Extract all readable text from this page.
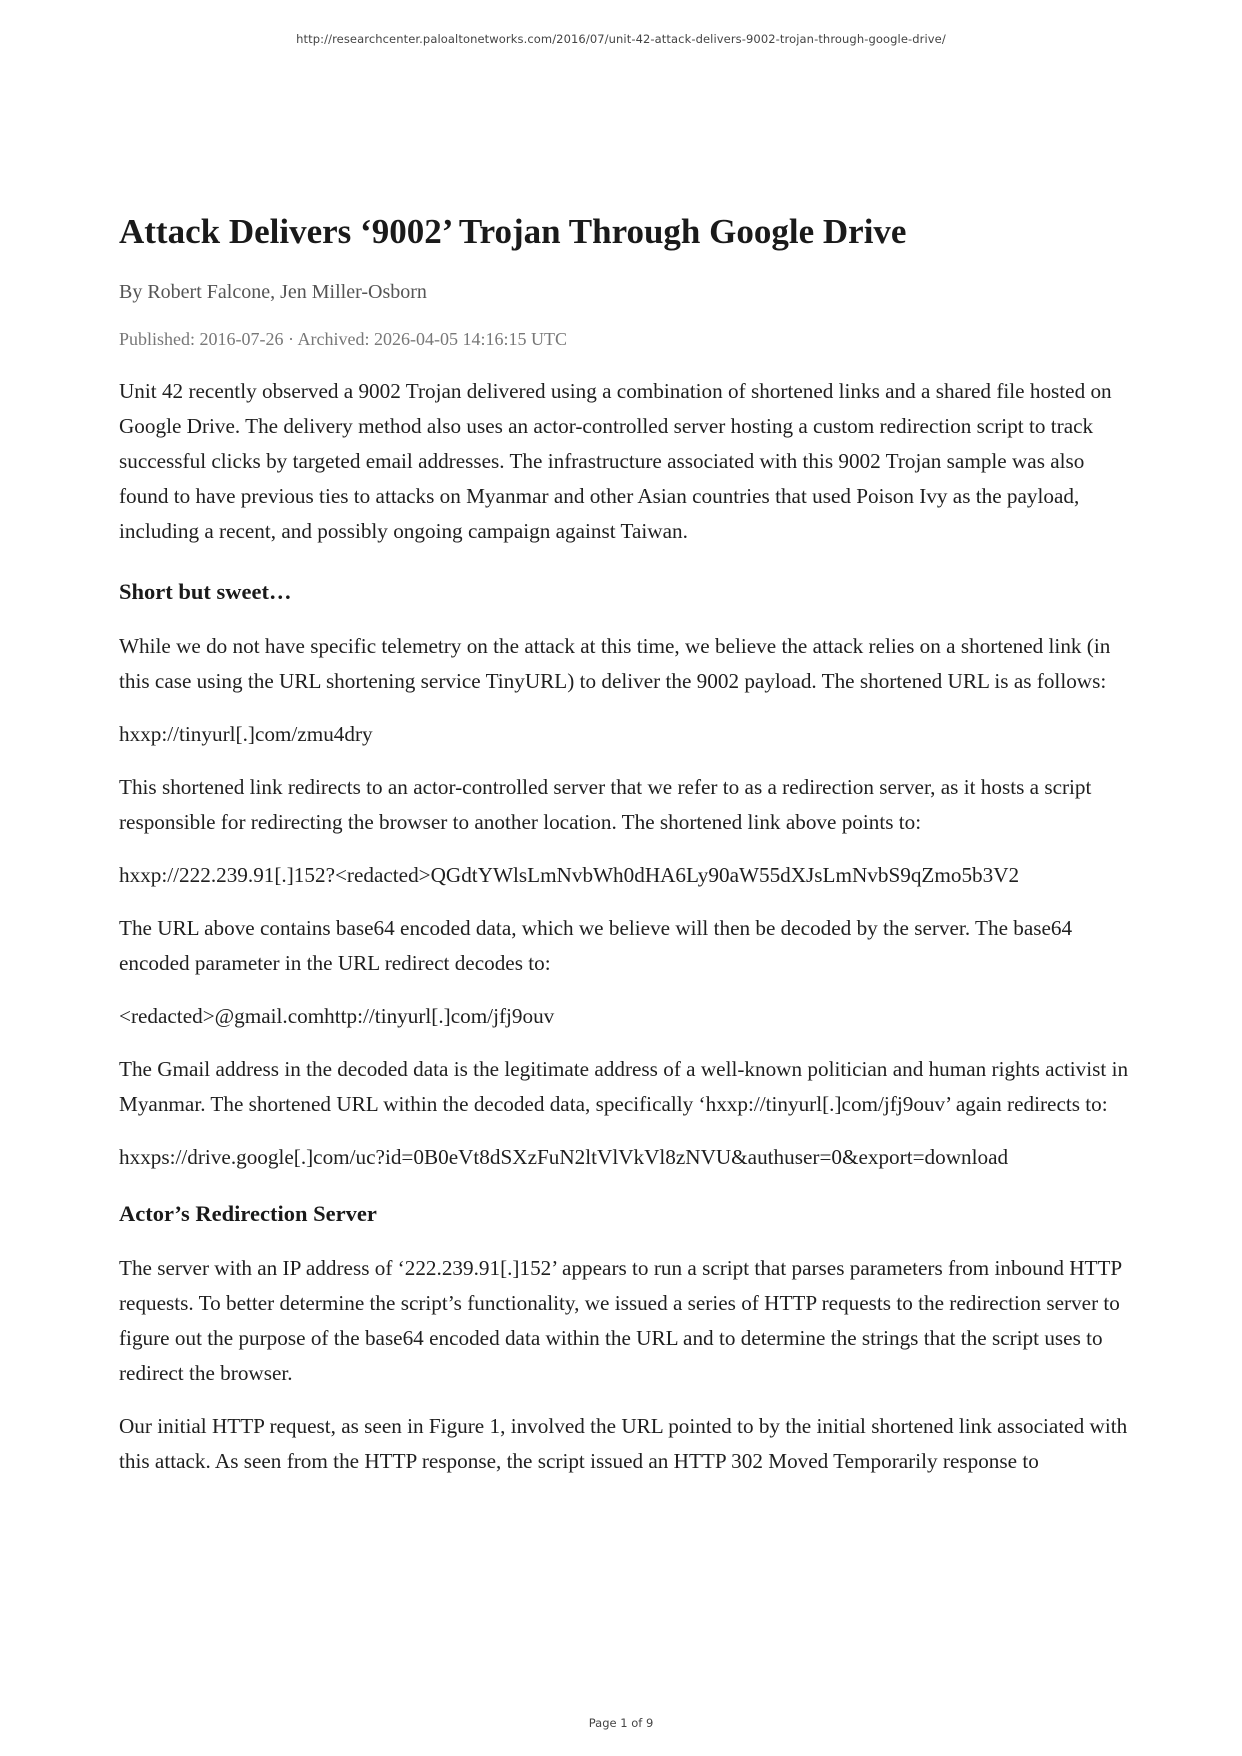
http://researchcenter.paloaltonetworks.com/2016/07/unit-42-attack-delivers-9002-trojan-through-google-drive/
Attack Delivers ‘9002’ Trojan Through Google Drive

By Robert Falcone, Jen Miller-Osborn

Published: 2016-07-26 · Archived: 2026-04-05 14:16:15 UTC

Unit 42 recently observed a 9002 Trojan delivered using a combination of shortened links and a shared file hosted on Google Drive. The delivery method also uses an actor-controlled server hosting a custom redirection script to track successful clicks by targeted email addresses. The infrastructure associated with this 9002 Trojan sample was also found to have previous ties to attacks on Myanmar and other Asian countries that used Poison Ivy as the payload, including a recent, and possibly ongoing campaign against Taiwan.

Short but sweet…

While we do not have specific telemetry on the attack at this time, we believe the attack relies on a shortened link (in this case using the URL shortening service TinyURL) to deliver the 9002 payload. The shortened URL is as follows:

hxxp://tinyurl[.]com/zmu4dry

This shortened link redirects to an actor-controlled server that we refer to as a redirection server, as it hosts a script responsible for redirecting the browser to another location. The shortened link above points to:

hxxp://222.239.91[.]152?<redacted>QGdtYWlsLmNvbWh0dHA6Ly90aW55dXJsLmNvbS9qZmo5b3V2

The URL above contains base64 encoded data, which we believe will then be decoded by the server. The base64 encoded parameter in the URL redirect decodes to:

<redacted>@gmail.comhttp://tinyurl[.]com/jfj9ouv

The Gmail address in the decoded data is the legitimate address of a well-known politician and human rights activist in Myanmar. The shortened URL within the decoded data, specifically ‘hxxp://tinyurl[.]com/jfj9ouv’ again redirects to:

hxxps://drive.google[.]com/uc?id=0B0eVt8dSXzFuN2ltVlVkVl8zNVU&authuser=0&export=download

Actor’s Redirection Server

The server with an IP address of ‘222.239.91[.]152’ appears to run a script that parses parameters from inbound HTTP requests. To better determine the script’s functionality, we issued a series of HTTP requests to the redirection server to figure out the purpose of the base64 encoded data within the URL and to determine the strings that the script uses to redirect the browser.

Our initial HTTP request, as seen in Figure 1, involved the URL pointed to by the initial shortened link associated with this attack. As seen from the HTTP response, the script issued an HTTP 302 Moved Temporarily response to

Page 1 of 9
